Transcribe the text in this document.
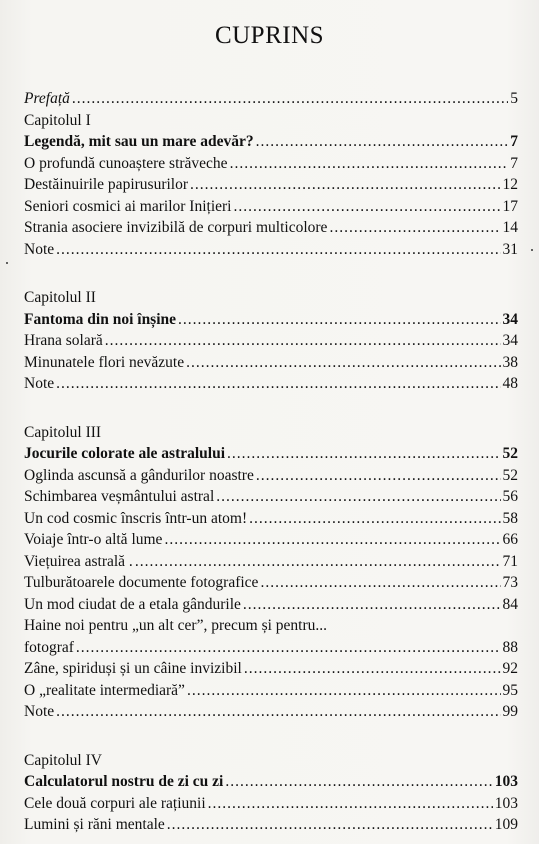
CUPRINS
Prefață .....	5
Capitolul I
Legendă, mit sau un mare adevăr? .....	7
O profundă cunoaștere străveche .....	7
Destăinuirile papirusurilor .....	12
Seniori cosmici ai marilor Inițieri .....	17
Strania asociere invizibilă de corpuri multicolore .....	14
Note .....	31
Capitolul II
Fantoma din noi înșine .....	34
Hrana solară .....	34
Minunatele flori nevăzute .....	38
Note .....	48
Capitolul III
Jocurile colorate ale astralului .....	52
Oglinda ascunsă a gândurilor noastre .....	52
Schimbarea veșmântului astral .....	56
Un cod cosmic înscris într-un atom! .....	58
Voiaje într-o altă lume .....	66
Viețuirea astrală . .....	71
Tulburătoarele documente fotografice .....	73
Un mod ciudat de a etala gândurile .....	84
Haine noi pentru „un alt cer”, precum și pentru...
fotograf .....	88
Zâne, spiriduși și un câine invizibil .....	92
O „realitate intermediară” .....	95
Note .....	99
Capitolul IV
Calculatorul nostru de zi cu zi .....	103
Cele două corpuri ale rațiunii .....	103
Lumini și răni mentale .....	109
